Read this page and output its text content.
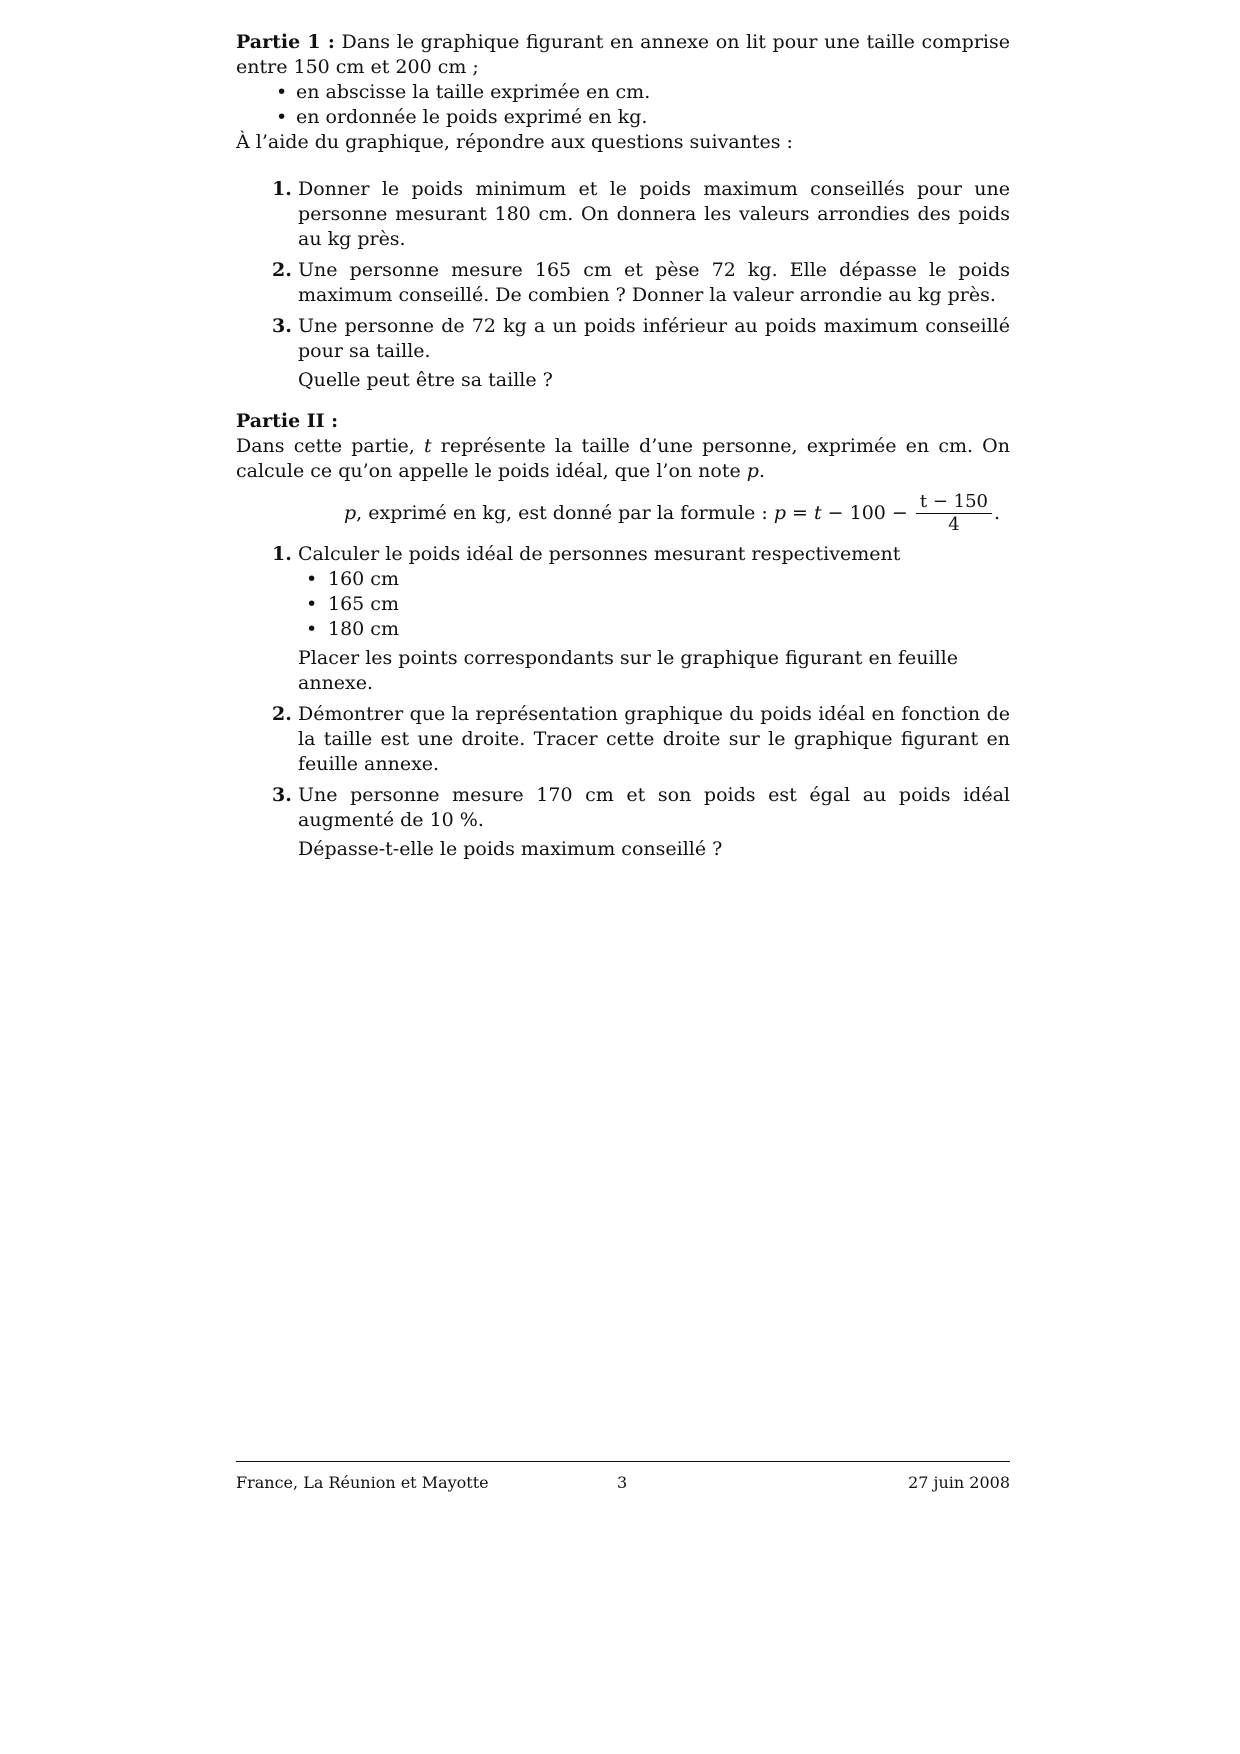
Partie 1 : Dans le graphique figurant en annexe on lit pour une taille comprise entre 150 cm et 200 cm ;

• en abscisse la taille exprimée en cm.
• en ordonnée le poids exprimé en kg.

À l’aide du graphique, répondre aux questions suivantes :

1. Donner le poids minimum et le poids maximum conseillés pour une personne mesurant 180 cm. On donnera les valeurs arrondies des poids au kg près.
2. Une personne mesure 165 cm et pèse 72 kg. Elle dépasse le poids maximum conseillé. De combien ? Donner la valeur arrondie au kg près.
3. Une personne de 72 kg a un poids inférieur au poids maximum conseillé pour sa taille.
Quelle peut être sa taille ?

Partie II :

Dans cette partie, t représente la taille d’une personne, exprimée en cm. On calcule ce qu’on appelle le poids idéal, que l’on note p.

p , exprimé en kg, est donné par la formule : $p = t - 100 - \frac{t - 150}{4}$ .
1. Calculer le poids idéal de personnes mesurant respectivement
• 160 cm
• 165 cm
• 180 cm
Placer les points correspondants sur le graphique figurant en feuille annexe.
2. Démontrer que la représentation graphique du poids idéal en fonction de la taille est une droite. Tracer cette droite sur le graphique figurant en feuille annexe.
3. Une personne mesure 170 cm et son poids est égal au poids idéal augmenté de 10 %.
Dépasse-t-elle le poids maximum conseillé ?
France, La Réunion et Mayotte	3	27 juin 2008
